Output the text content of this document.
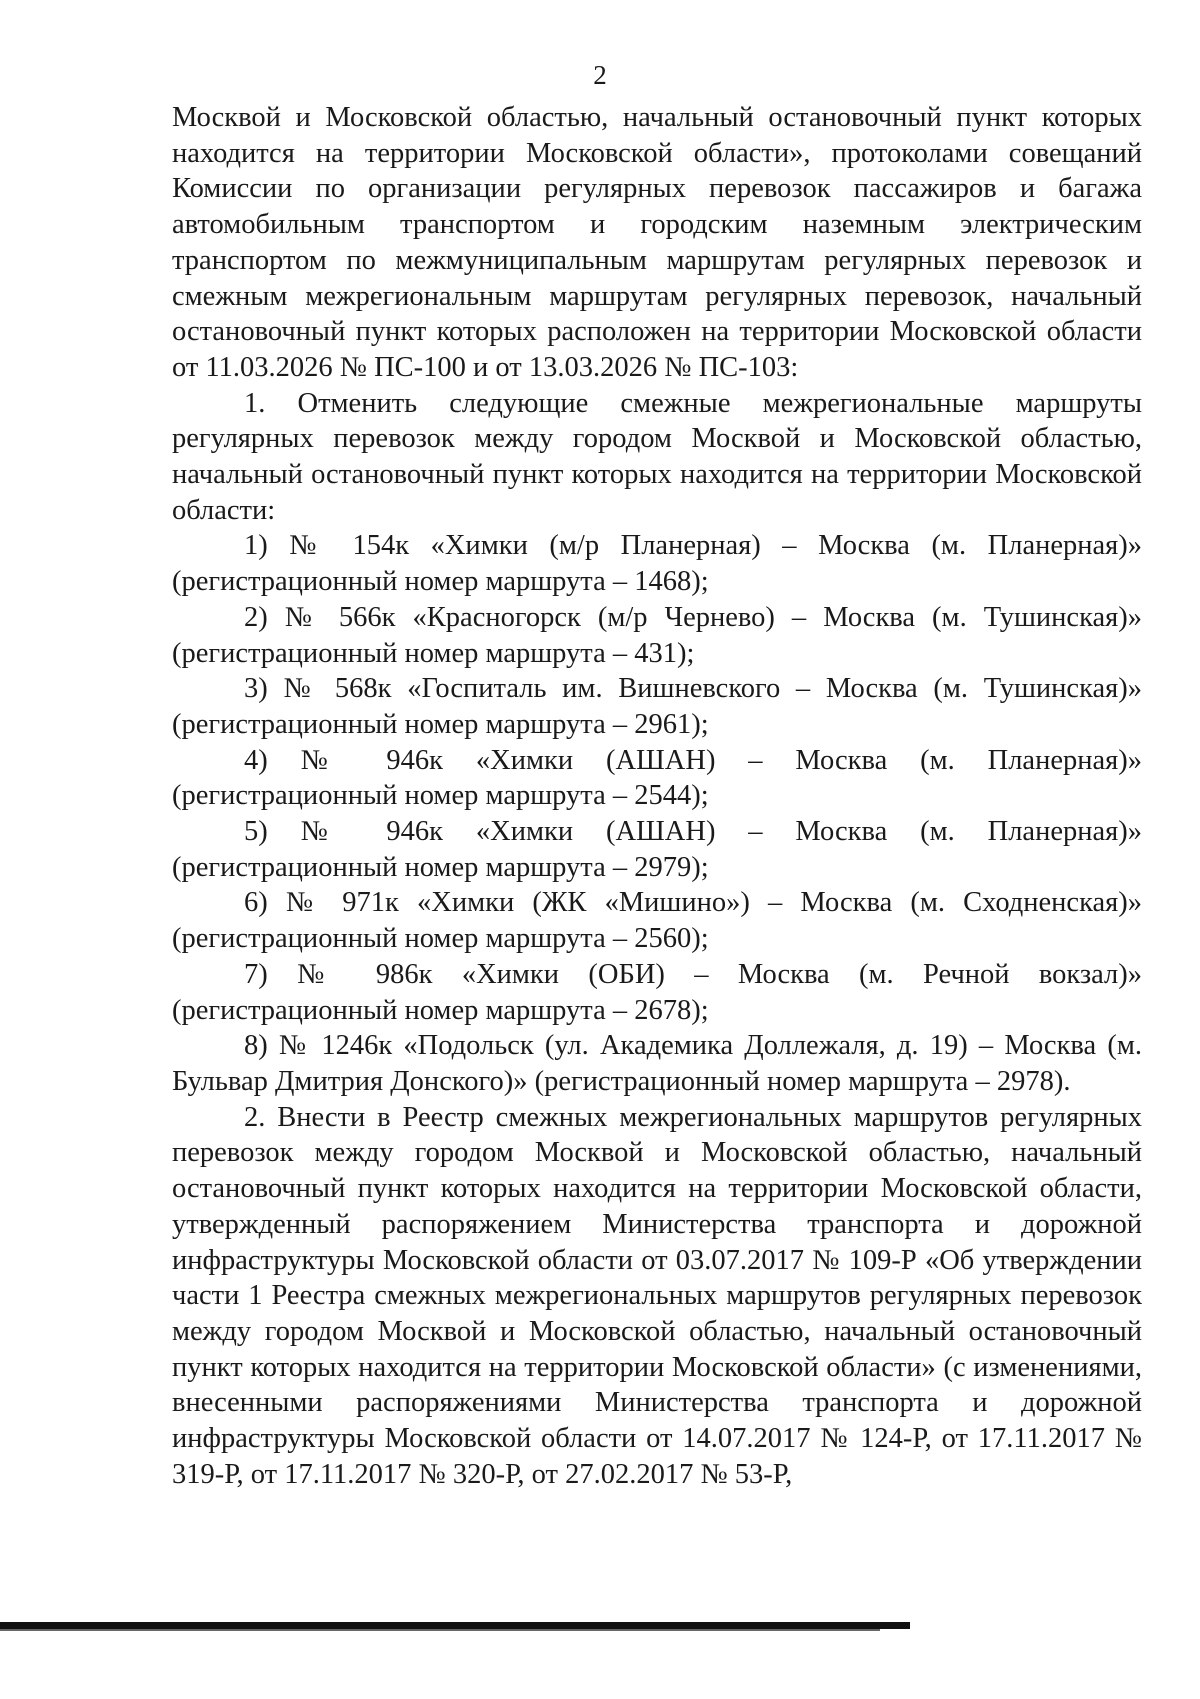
2

Москвой и Московской областью, начальный остановочный пункт которых находится на территории Московской области», протоколами совещаний Комиссии по организации регулярных перевозок пассажиров и багажа автомобильным транспортом и городским наземным электрическим транспортом по межмуниципальным маршрутам регулярных перевозок и смежным межрегиональным маршрутам регулярных перевозок, начальный остановочный пункт которых расположен на территории Московской области от 11.03.2026 № ПС-100 и от 13.03.2026 № ПС-103:

1. Отменить следующие смежные межрегиональные маршруты регулярных перевозок между городом Москвой и Московской областью, начальный остановочный пункт которых находится на территории Московской области:

1) № 154к «Химки (м/р Планерная) – Москва (м. Планерная)» (регистрационный номер маршрута – 1468);

2) № 566к «Красногорск (м/р Чернево) – Москва (м. Тушинская)» (регистрационный номер маршрута – 431);

3) № 568к «Госпиталь им. Вишневского – Москва (м. Тушинская)» (регистрационный номер маршрута – 2961);

4) № 946к «Химки (АШАН) – Москва (м. Планерная)» (регистрационный номер маршрута – 2544);

5) № 946к «Химки (АШАН) – Москва (м. Планерная)» (регистрационный номер маршрута – 2979);

6) № 971к «Химки (ЖК «Мишино») – Москва (м. Сходненская)» (регистрационный номер маршрута – 2560);

7) № 986к «Химки (ОБИ) – Москва (м. Речной вокзал)» (регистрационный номер маршрута – 2678);

8) № 1246к «Подольск (ул. Академика Доллежаля, д. 19) – Москва (м. Бульвар Дмитрия Донского)» (регистрационный номер маршрута – 2978).

2. Внести в Реестр смежных межрегиональных маршрутов регулярных перевозок между городом Москвой и Московской областью, начальный остановочный пункт которых находится на территории Московской области, утвержденный распоряжением Министерства транспорта и дорожной инфраструктуры Московской области от 03.07.2017 № 109-Р «Об утверждении части 1 Реестра смежных межрегиональных маршрутов регулярных перевозок между городом Москвой и Московской областью, начальный остановочный пункт которых находится на территории Московской области» (с изменениями, внесенными распоряжениями Министерства транспорта и дорожной инфраструктуры Московской области от 14.07.2017 № 124-Р, от 17.11.2017 № 319-Р, от 17.11.2017 № 320-Р, от 27.02.2017 № 53-Р,
